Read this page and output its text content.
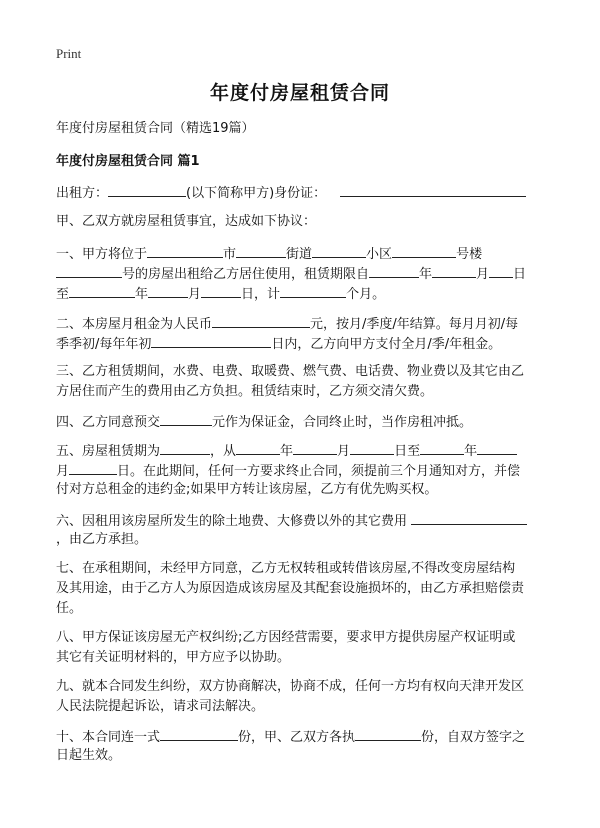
Print
年度付房屋租赁合同
年度付房屋租赁合同（精选19篇）
年度付房屋租赁合同 篇1
出租方：	(以下简称甲方)身份证：
甲、乙双方就房屋租赁事宜，达成如下协议：
一、甲方将位于	市	街道	小区	号楼
号的房屋出租给乙方居住使用，租赁期限自	年	月 日
至	年	月	日，计	个月。
二、本房屋月租金为人民币	元，按月/季度/年结算。每月月初/每
季季初/每年年初	日内，乙方向甲方支付全月/季/年租金。
三、乙方租赁期间，水费、电费、取暖费、燃气费、电话费、物业费以及其它由乙
方居住而产生的费用由乙方负担。租赁结束时，乙方须交清欠费。
四、乙方同意预交	元作为保证金，合同终止时，当作房租冲抵。
五、房屋租赁期为	，从	年	月	日至	年
月	日。在此期间，任何一方要求终止合同，须提前三个月通知对方，并偿
付对方总租金的违约金;如果甲方转让该房屋，乙方有优先购买权。
六、因租用该房屋所发生的除土地费、大修费以外的其它费用
，由乙方承担。
七、在承租期间，未经甲方同意，乙方无权转租或转借该房屋,不得改变房屋结构
及其用途，由于乙方人为原因造成该房屋及其配套设施损坏的，由乙方承担赔偿责
任。
八、甲方保证该房屋无产权纠纷;乙方因经营需要，要求甲方提供房屋产权证明或
其它有关证明材料的，甲方应予以协助。
九、就本合同发生纠纷，双方协商解决，协商不成，任何一方均有权向天津开发区
人民法院提起诉讼，请求司法解决。
十、本合同连一式	份，甲、乙双方各执	份，自双方签字之
日起生效。
